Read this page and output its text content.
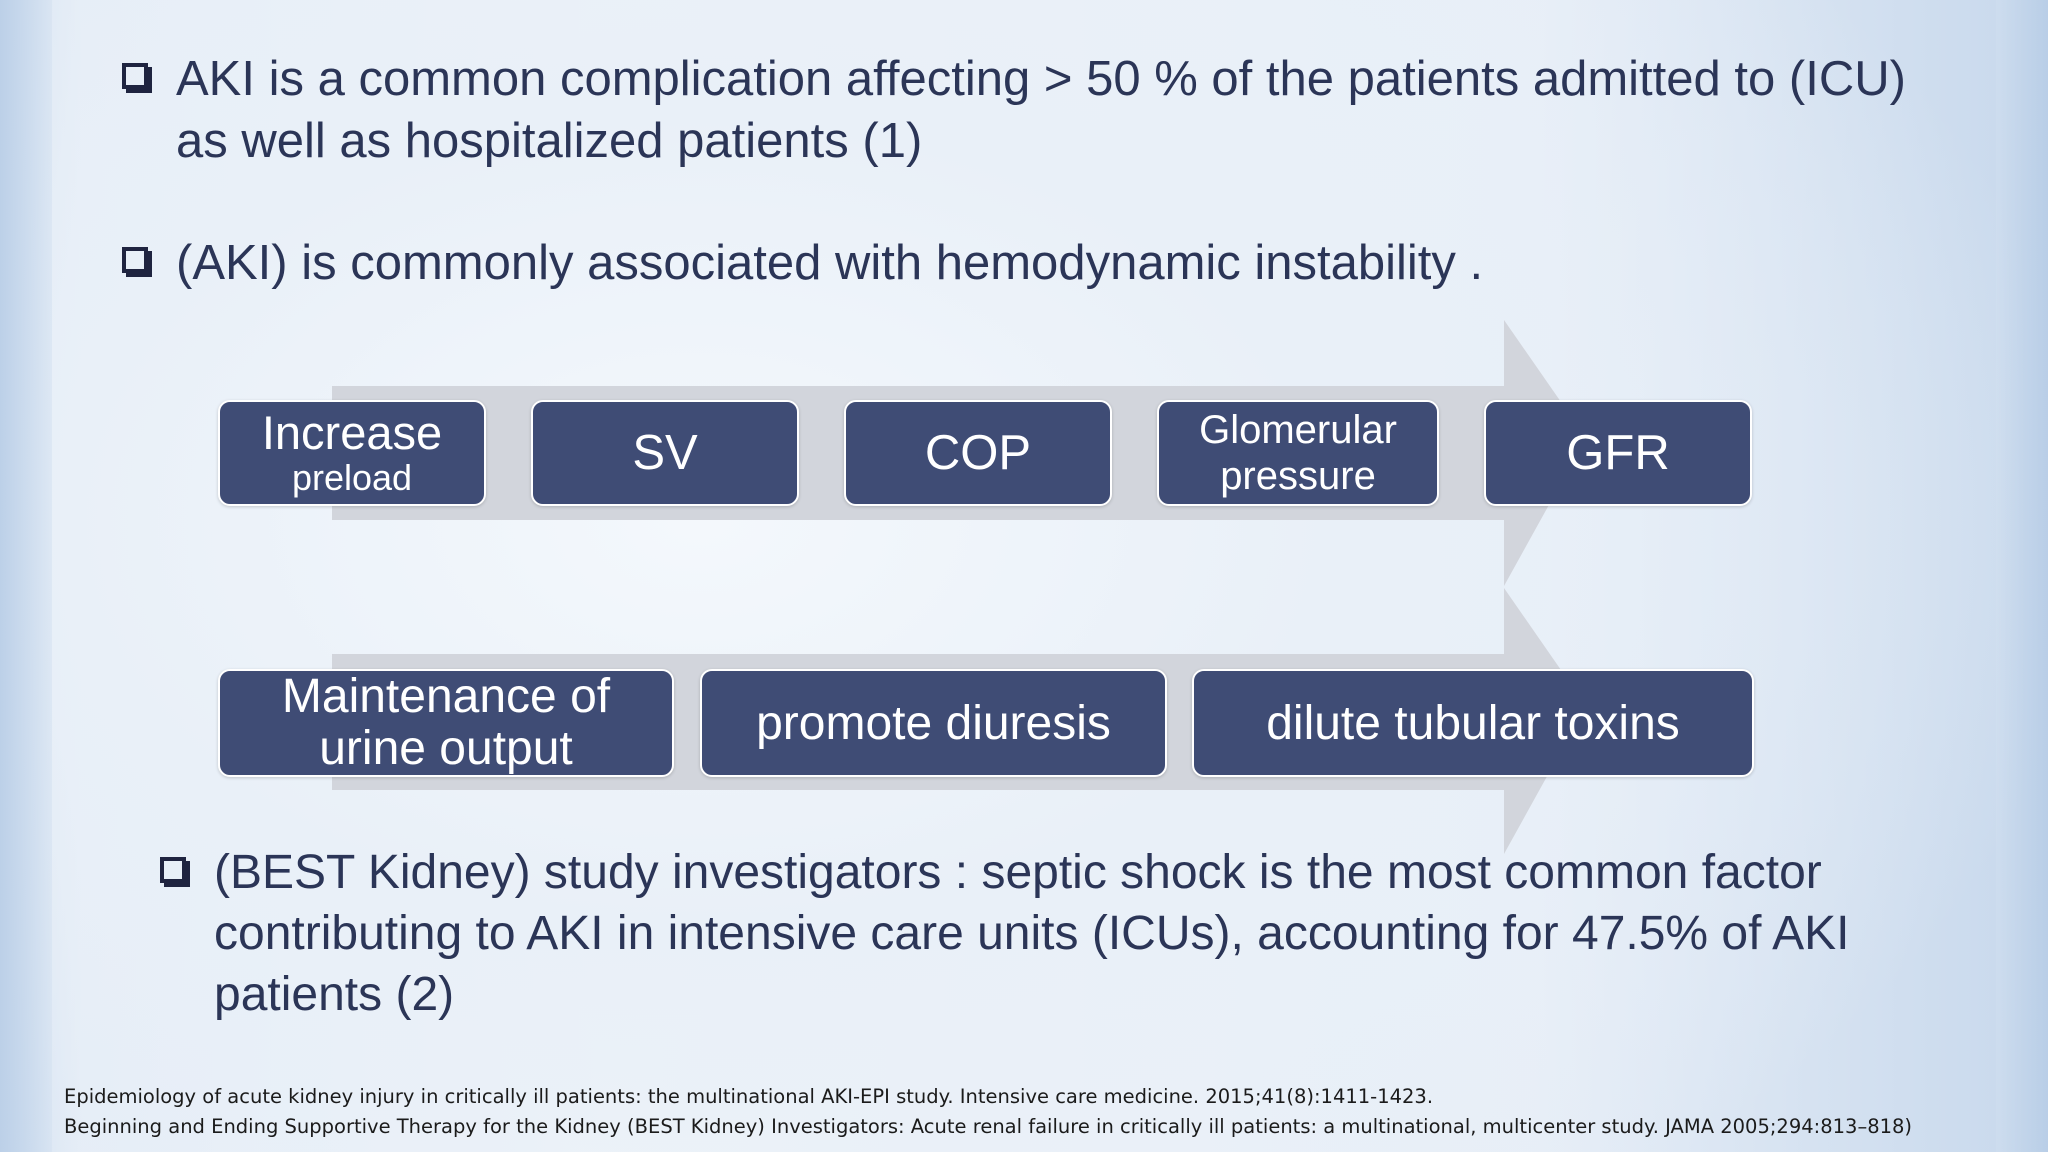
AKI is a common complication affecting > 50 % of the patients admitted to (ICU) as well as hospitalized patients (1)
(AKI) is commonly associated with hemodynamic instability .
Increase
preload	SV	COP	Glomerular
pressure	GFR
Maintenance of
urine output	promote diuresis	dilute tubular toxins
(BEST Kidney) study investigators : septic shock is the most common factor contributing to AKI in intensive care units (ICUs), accounting for 47.5% of AKI patients (2)
Epidemiology of acute kidney injury in critically ill patients: the multinational AKI-EPI study. Intensive care medicine. 2015;41(8):1411-1423.
Beginning and Ending Supportive Therapy for the Kidney (BEST Kidney) Investigators: Acute renal failure in critically ill patients: a multinational, multicenter study. JAMA 2005;294:813–818)
